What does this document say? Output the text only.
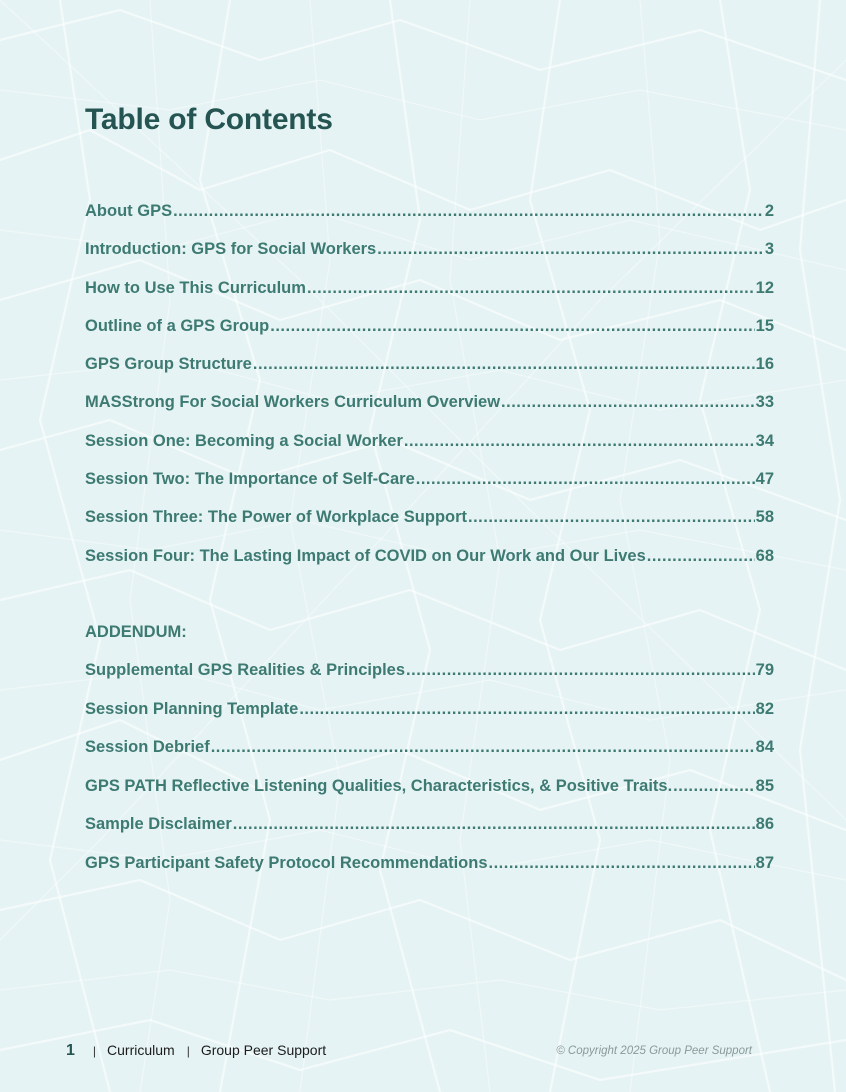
Table of Contents
About GPS .....	2
Introduction: GPS for Social Workers .....	3
How to Use This Curriculum .....	12
Outline of a GPS Group .....	15
GPS Group Structure .....	16
MASStrong For Social Workers Curriculum Overview .....	33
Session One: Becoming a Social Worker .....	34
Session Two: The Importance of Self-Care .....	47
Session Three: The Power of Workplace Support .....	58
Session Four: The Lasting Impact of COVID on Our Work and Our Lives .....	68
ADDENDUM:
Supplemental GPS Realities & Principles .....	79
Session Planning Template .....	82
Session Debrief .....	84
GPS PATH Reflective Listening Qualities, Characteristics, & Positive Traits. .....	85
Sample Disclaimer .....	86
GPS Participant Safety Protocol Recommendations .....	87
1 | Curriculum | Group Peer Support	© Copyright 2025 Group Peer Support
